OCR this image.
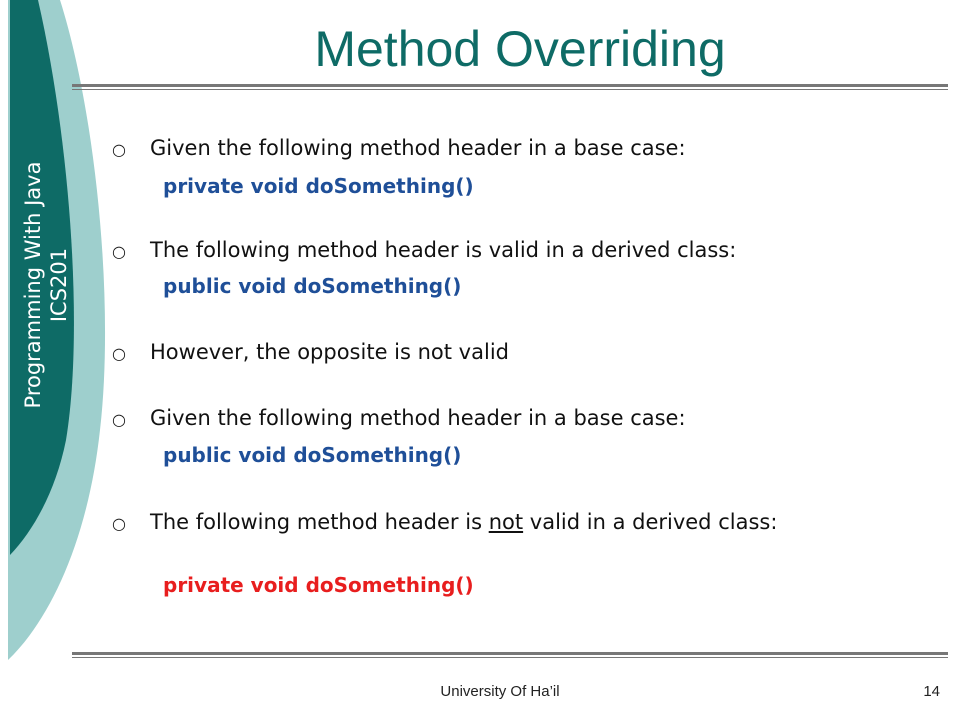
Programming With Java ICS201
Method Overriding
○ Given the following method header in a base case:
private void doSomething()
○ The following method header is valid in a derived class:
public void doSomething()
○ However, the opposite is not valid
○ Given the following method header in a base case:
public void doSomething()
○ The following method header is not valid in a derived class:
private void doSomething()
University Of Ha’il	14
